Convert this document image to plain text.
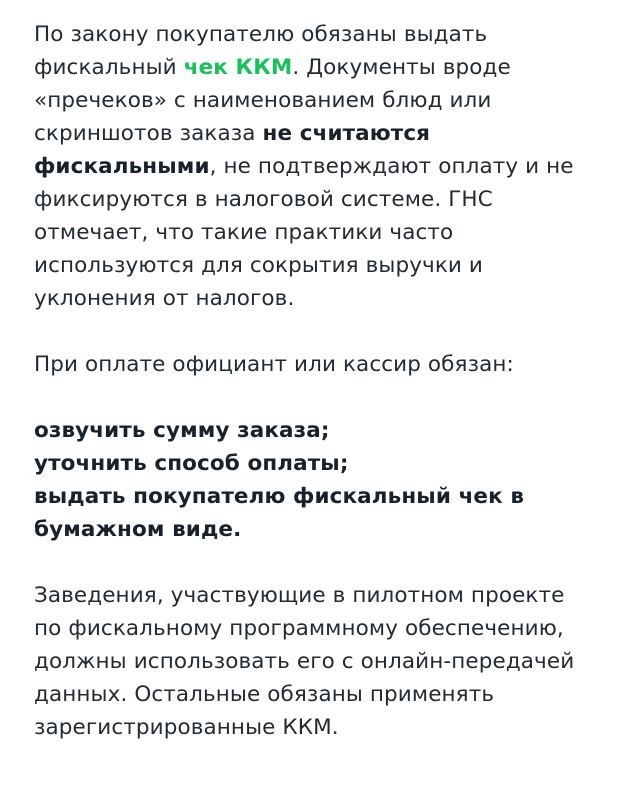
По закону покупателю обязаны выдать
фискальный чек ККМ. Документы вроде
«пречеков» с наименованием блюд или
скриншотов заказа не считаются
фискальными, не подтверждают оплату и не
фиксируются в налоговой системе. ГНС
отмечает, что такие практики часто
используются для сокрытия выручки и
уклонения от налогов.

При оплате официант или кассир обязан:

озвучить сумму заказа;
уточнить способ оплаты;
выдать покупателю фискальный чек в
бумажном виде.

Заведения, участвующие в пилотном проекте
по фискальному программному обеспечению,
должны использовать его с онлайн-передачей
данных. Остальные обязаны применять
зарегистрированные ККМ.
